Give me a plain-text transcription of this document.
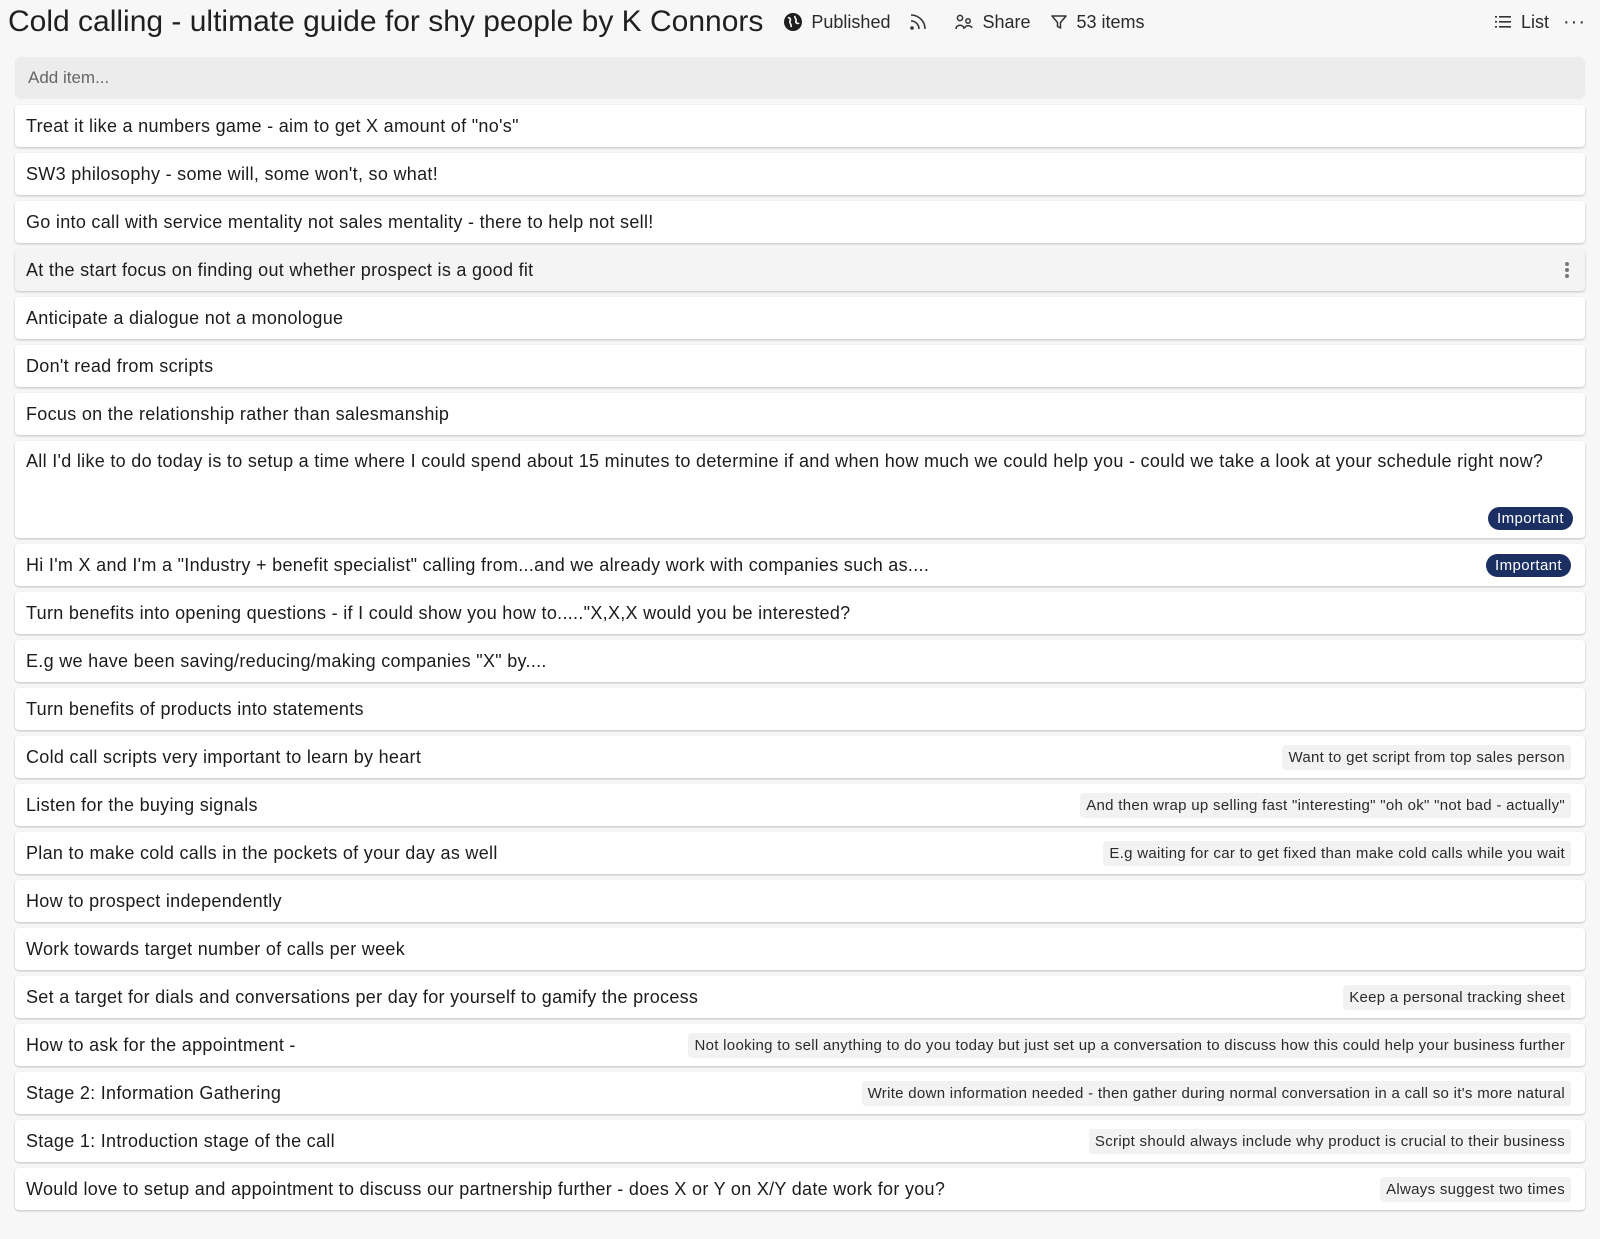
Cold calling - ultimate guide for shy people by K Connors	Published	Share	53 items	List ···
Add item...
Treat it like a numbers game - aim to get X amount of "no's"
SW3 philosophy - some will, some won't, so what!
Go into call with service mentality not sales mentality - there to help not sell!
At the start focus on finding out whether prospect is a good fit
Anticipate a dialogue not a monologue
Don't read from scripts
Focus on the relationship rather than salesmanship
All I'd like to do today is to setup a time where I could spend about 15 minutes to determine if and when how much we could help you - could we take a look at your schedule right now?
Important
Hi I'm X and I'm a "Industry + benefit specialist" calling from...and we already work with companies such as....	Important
Turn benefits into opening questions - if I could show you how to....."X,X,X would you be interested?
E.g we have been saving/reducing/making companies "X" by....
Turn benefits of products into statements
Cold call scripts very important to learn by heart	Want to get script from top sales person
Listen for the buying signals	And then wrap up selling fast "interesting" "oh ok" "not bad - actually"
Plan to make cold calls in the pockets of your day as well	E.g waiting for car to get fixed than make cold calls while you wait
How to prospect independently
Work towards target number of calls per week
Set a target for dials and conversations per day for yourself to gamify the process	Keep a personal tracking sheet
How to ask for the appointment -	Not looking to sell anything to do you today but just set up a conversation to discuss how this could help your business further
Stage 2: Information Gathering	Write down information needed - then gather during normal conversation in a call so it's more natural
Stage 1: Introduction stage of the call	Script should always include why product is crucial to their business
Would love to setup and appointment to discuss our partnership further - does X or Y on X/Y date work for you?	Always suggest two times
